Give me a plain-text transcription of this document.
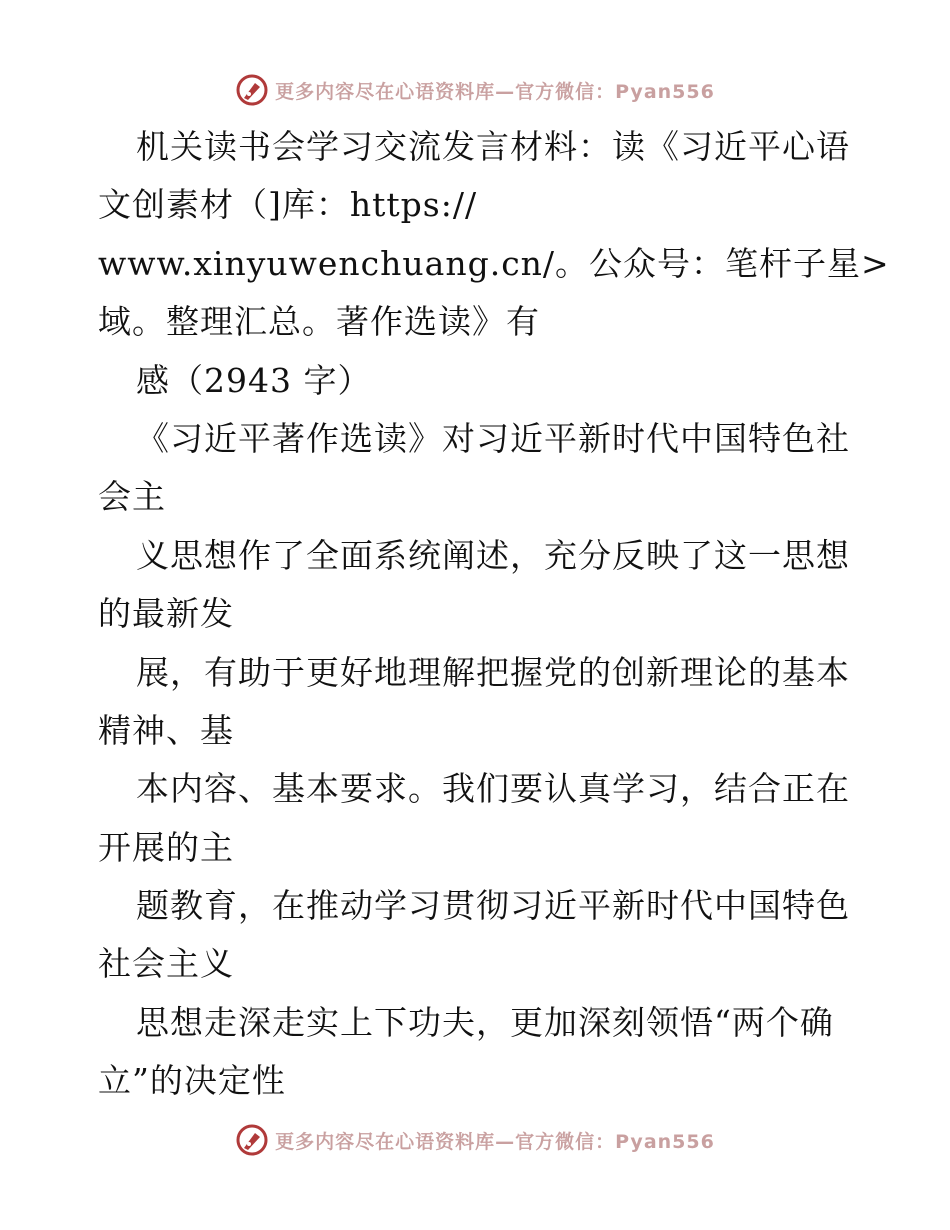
更多内容尽在心语资料库—官方微信：Pyan556
机关读书会学习交流发言材料：读《习近平心语
文创素材（]库：https://
www.xinyuwenchuang.cn/。公众号：笔杆子星>
域。整理汇总。著作选读》有
感（2943 字）
《习近平著作选读》对习近平新时代中国特色社
会主
义思想作了全面系统阐述，充分反映了这一思想
的最新发
展，有助于更好地理解把握党的创新理论的基本
精神、基
本内容、基本要求。我们要认真学习，结合正在
开展的主
题教育，在推动学习贯彻习近平新时代中国特色
社会主义
思想走深走实上下功夫，更加深刻领悟“两个确
立”的决定性
更多内容尽在心语资料库—官方微信：Pyan556
